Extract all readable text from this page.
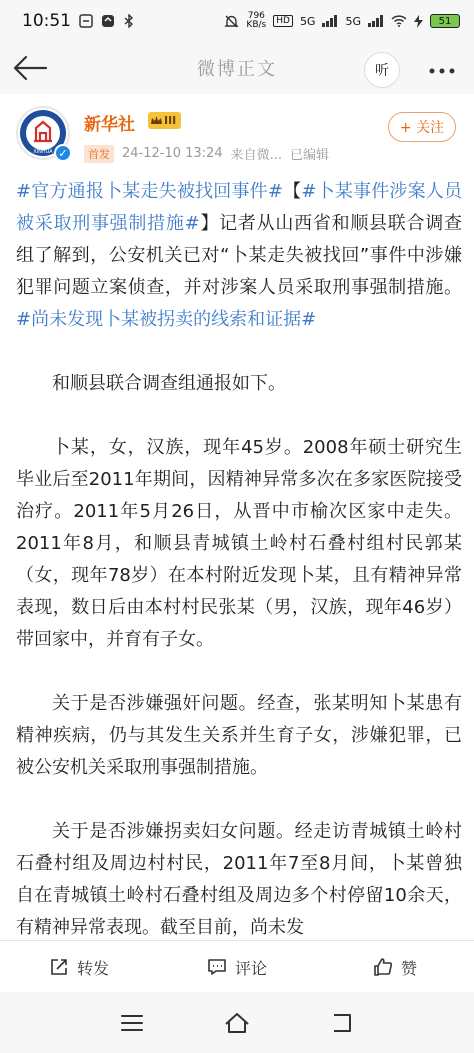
10:51	796
KB/s	HD 5G	5G	51
微博正文	听
XINHUA ✓
新华社	III
首发 24-12-10 13:24 来自微... 已编辑
+ 关注

#官方通报卜某走失被找回事件#【#卜某事件涉案人员被采取刑事强制措施#】记者从山西省和顺县联合调查组了解到，公安机关已对“卜某走失被找回”事件中涉嫌犯罪问题立案侦查，并对涉案人员采取刑事强制措施。#尚未发现卜某被拐卖的线索和证据#

和顺县联合调查组通报如下。

卜某，女，汉族，现年45岁。2008年硕士研究生毕业后至2011年期间，因精神异常多次在多家医院接受治疗。2011年5月26日，从晋中市榆次区家中走失。2011年8月，和顺县青城镇土岭村石叠村组村民郭某（女，现年78岁）在本村附近发现卜某，且有精神异常表现，数日后由本村村民张某（男，汉族，现年46岁）带回家中，并育有子女。

关于是否涉嫌强奸问题。经查，张某明知卜某患有精神疾病，仍与其发生关系并生育子女，涉嫌犯罪，已被公安机关采取刑事强制措施。

关于是否涉嫌拐卖妇女问题。经走访青城镇土岭村石叠村组及周边村村民，2011年7至8月间，卜某曾独自在青城镇土岭村石叠村组及周边多个村停留10余天，有精神异常表现。截至目前，尚未发

转发	评论	赞
